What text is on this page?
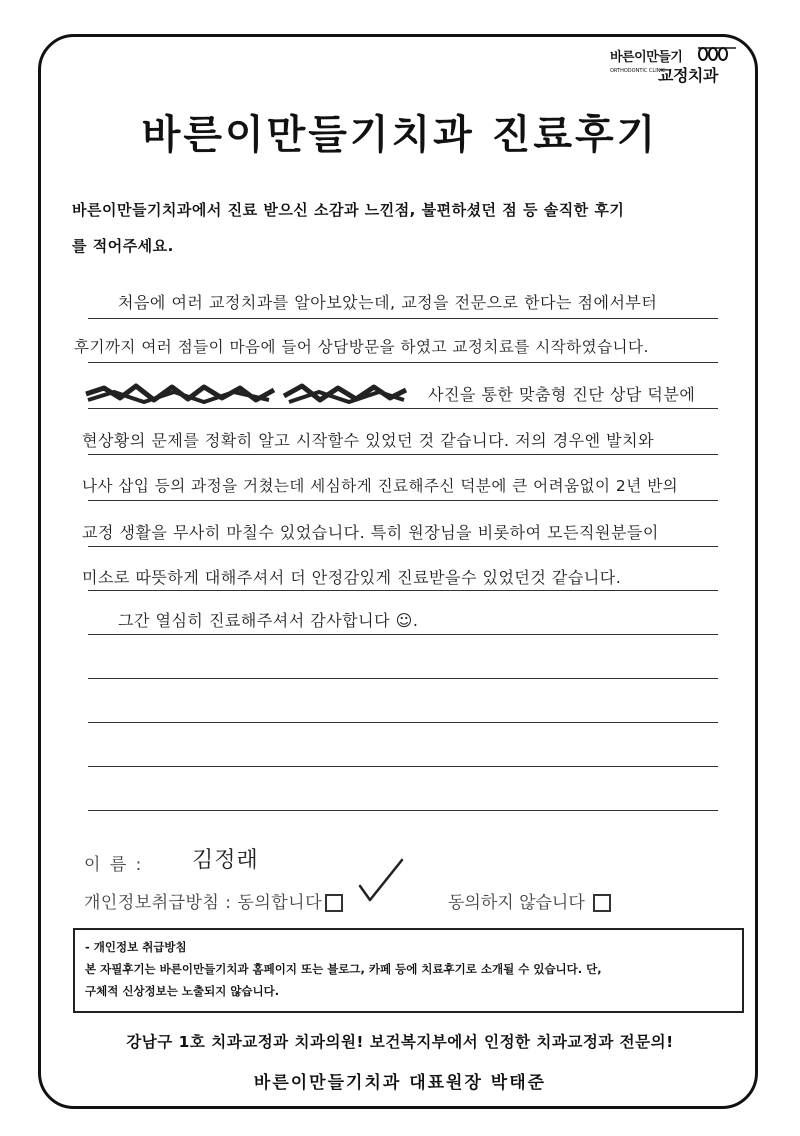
바른이만들기
ORTHODONTIC CLINIC
교정치과
바른이만들기치과 진료후기
바른이만들기치과에서 진료 받으신 소감과 느낀점, 불편하셨던 점 등 솔직한 후기
를 적어주세요.
처음에 여러 교정치과를 알아보았는데, 교정을 전문으로 한다는 점에서부터
후기까지 여러 점들이 마음에 들어 상담방문을 하였고 교정치료를 시작하였습니다.
사진을 통한 맞춤형 진단 상담 덕분에
현상황의 문제를 정확히 알고 시작할수 있었던 것 같습니다. 저의 경우엔 발치와
나사 삽입 등의 과정을 거쳤는데 세심하게 진료해주신 덕분에 큰 어려움없이 2년 반의
교정 생활을 무사히 마칠수 있었습니다. 특히 원장님을 비롯하여 모든직원분들이
미소로 따뜻하게 대해주셔서 더 안정감있게 진료받을수 있었던것 같습니다.
그간 열심히 진료해주셔서 감사합니다 ☺.
이 름 : 김정래
개인정보취급방침 : 동의합니다	동의하지 않습니다
- 개인정보 취급방침
본 자필후기는 바른이만들기치과 홈페이지 또는 블로그, 카페 등에 치료후기로 소개될 수 있습니다. 단,
구체적 신상정보는 노출되지 않습니다.
강남구 1호 치과교정과 치과의원! 보건복지부에서 인정한 치과교정과 전문의!
바른이만들기치과 대표원장 박태준
